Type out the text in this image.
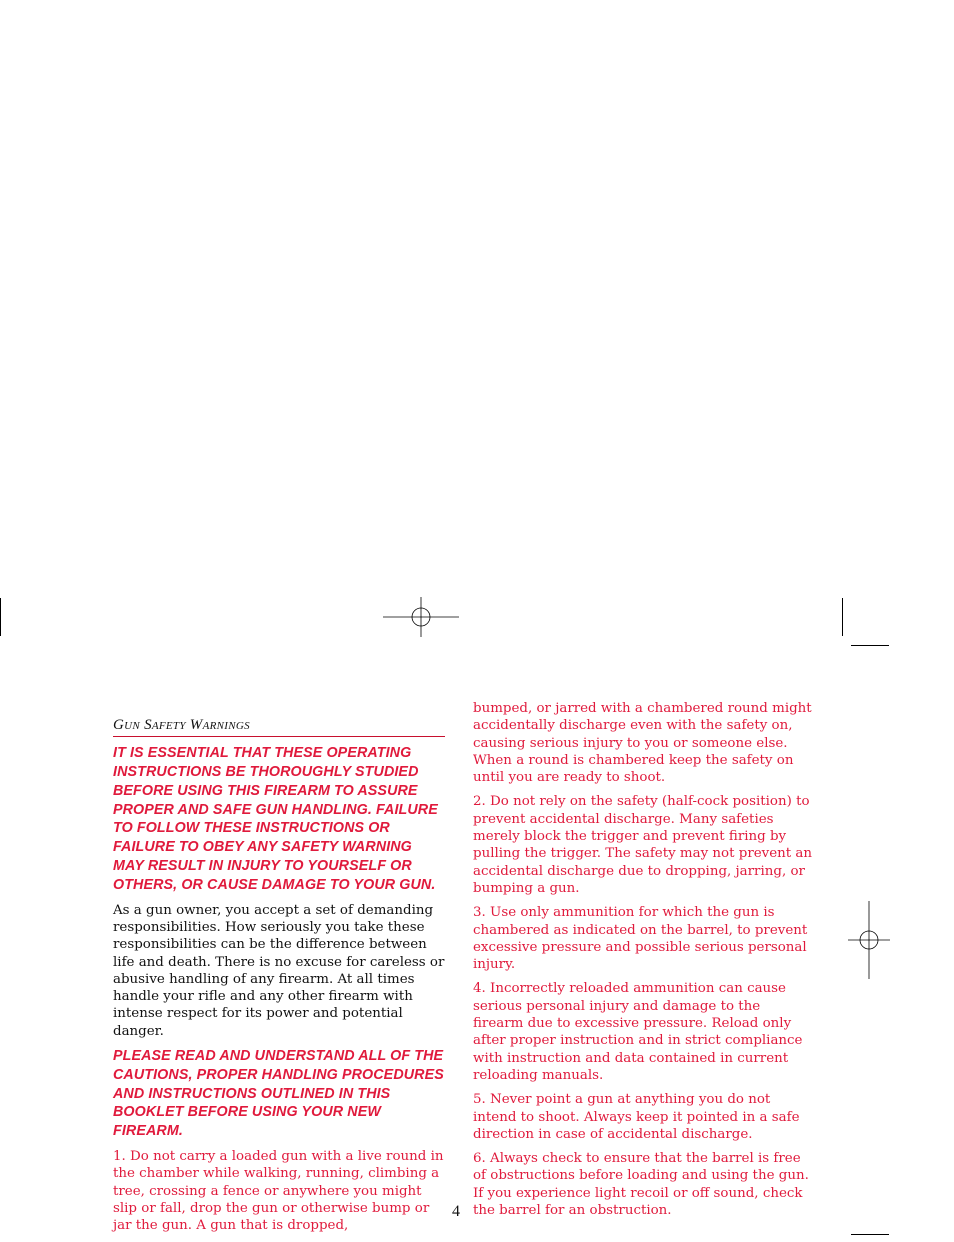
Gun Safety Warnings

IT IS ESSENTIAL THAT THESE OPERATING INSTRUCTIONS BE THOROUGHLY STUDIED BEFORE USING THIS FIREARM TO ASSURE PROPER AND SAFE GUN HANDLING. FAILURE TO FOLLOW THESE INSTRUCTIONS OR FAILURE TO OBEY ANY SAFETY WARNING MAY RESULT IN INJURY TO YOURSELF OR OTHERS, OR CAUSE DAMAGE TO YOUR GUN.

As a gun owner, you accept a set of demanding responsibilities. How seriously you take these responsibilities can be the difference between life and death. There is no excuse for careless or abusive handling of any firearm. At all times handle your rifle and any other firearm with intense respect for its power and potential danger.

PLEASE READ AND UNDERSTAND ALL OF THE CAUTIONS, PROPER HANDLING PROCEDURES AND INSTRUCTIONS OUTLINED IN THIS BOOKLET BEFORE USING YOUR NEW FIREARM.

1. Do not carry a loaded gun with a live round in the chamber while walking, running, climbing a tree, crossing a fence or anywhere you might slip or fall, drop the gun or otherwise bump or jar the gun. A gun that is dropped,

bumped, or jarred with a chambered round might accidentally discharge even with the safety on, causing serious injury to you or someone else. When a round is chambered keep the safety on until you are ready to shoot.

2. Do not rely on the safety (half-cock position) to prevent accidental discharge. Many safeties merely block the trigger and prevent firing by pulling the trigger. The safety may not prevent an accidental discharge due to dropping, jarring, or bumping a gun.

3. Use only ammunition for which the gun is chambered as indicated on the barrel, to prevent excessive pressure and possible serious personal injury.

4. Incorrectly reloaded ammunition can cause serious personal injury and damage to the firearm due to excessive pressure. Reload only after proper instruction and in strict compliance with instruction and data contained in current reloading manuals.

5. Never point a gun at anything you do not intend to shoot. Always keep it pointed in a safe direction in case of accidental discharge.

6. Always check to ensure that the barrel is free of obstructions before loading and using the gun. If you experience light recoil or off sound, check the barrel for an obstruction.

4
